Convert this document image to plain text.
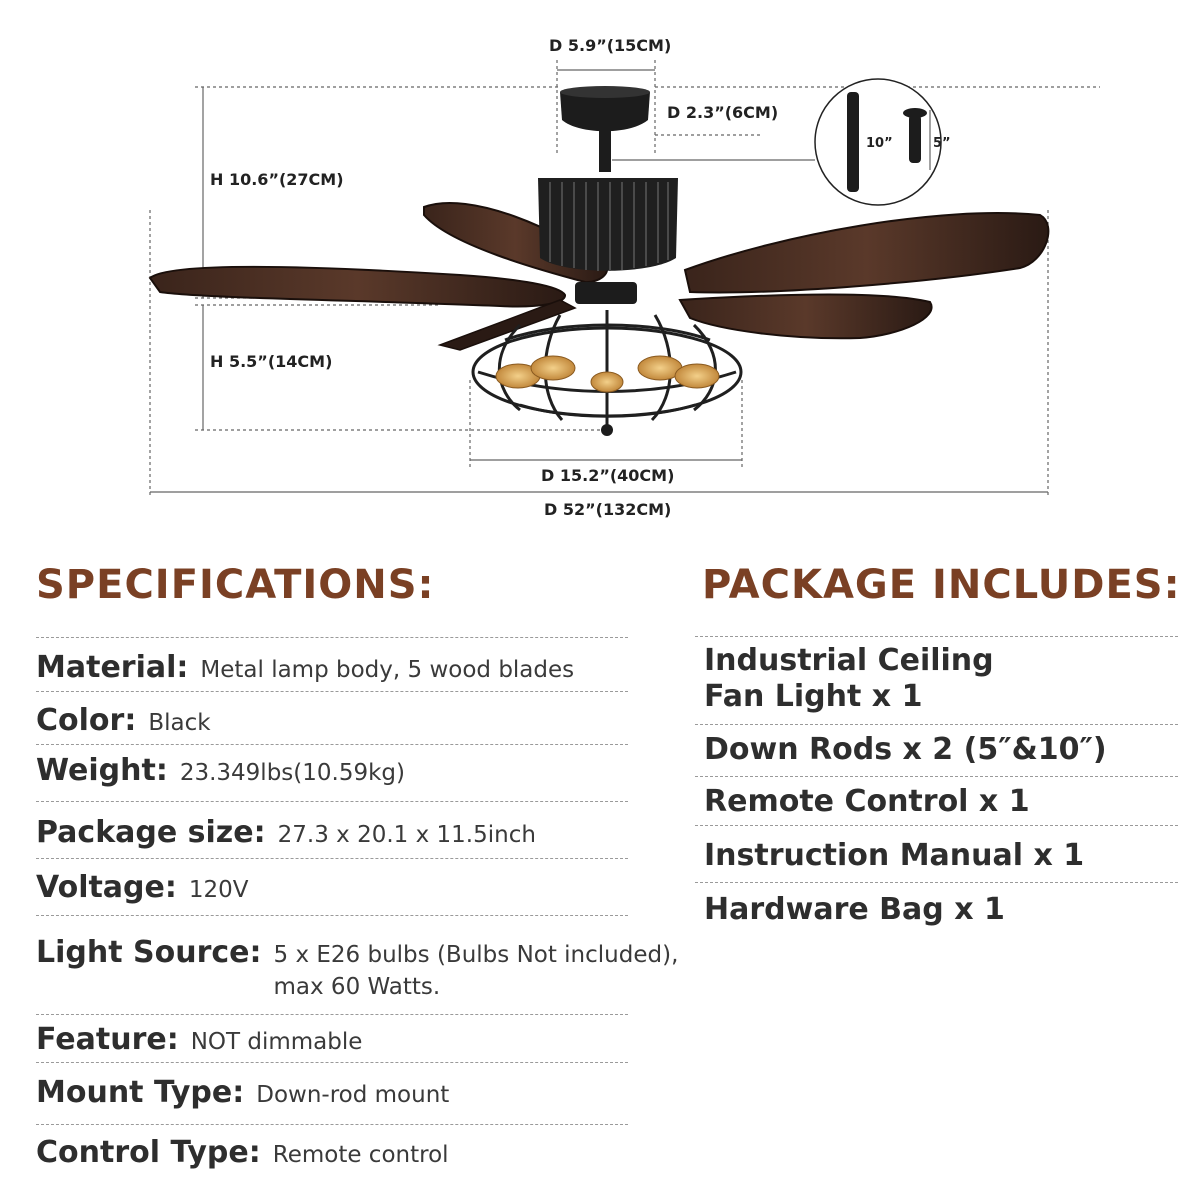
10”	5”
D 5.9”(15CM)
D 2.3”(6CM)
H 10.6”(27CM)
H 5.5”(14CM)
D 15.2”(40CM)
D 52”(132CM)
SPECIFICATIONS:
Material: Metal lamp body, 5 wood blades
Color: Black
Weight: 23.349lbs(10.59kg)
Package size: 27.3 x 20.1 x 11.5inch
Voltage: 120V
Light Source: 5 x E26 bulbs (Bulbs Not included), max 60 Watts.
Feature: NOT dimmable
Mount Type: Down-rod mount
Control Type: Remote control
PACKAGE INCLUDES:
Industrial Ceiling Fan Light x 1
Down Rods x 2 (5″&10″)
Remote Control x 1
Instruction Manual x 1
Hardware Bag x 1
